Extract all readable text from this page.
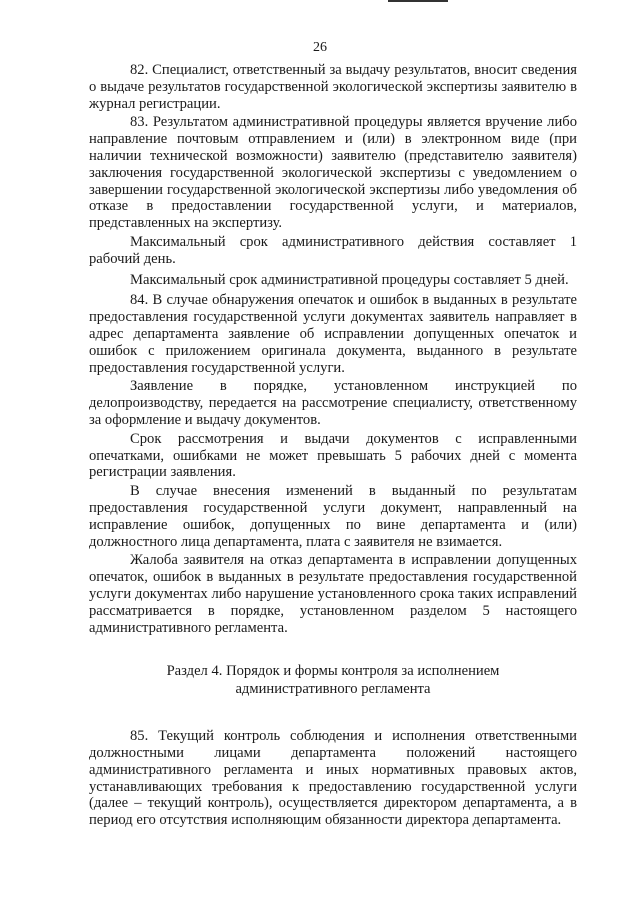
26

82. Специалист, ответственный за выдачу результатов, вносит сведения о выдаче результатов государственной экологической экспертизы заявителю в журнал регистрации.

83. Результатом административной процедуры является вручение либо направление почтовым отправлением и (или) в электронном виде (при наличии технической возможности) заявителю (представителю заявителя) заключения государственной экологической экспертизы с уведомлением о завершении государственной экологической экспертизы либо уведомления об отказе в предоставлении государственной услуги, и материалов, представленных на экспертизу.

Максимальный срок административного действия составляет 1 рабочий день.

Максимальный срок административной процедуры составляет 5 дней.

84. В случае обнаружения опечаток и ошибок в выданных в результате предоставления государственной услуги документах заявитель направляет в адрес департамента заявление об исправлении допущенных опечаток и ошибок с приложением оригинала документа, выданного в результате предоставления государственной услуги.

Заявление в порядке, установленном инструкцией по делопроизводству, передается на рассмотрение специалисту, ответственному за оформление и выдачу документов.

Срок рассмотрения и выдачи документов с исправленными опечатками, ошибками не может превышать 5 рабочих дней с момента регистрации заявления.

В случае внесения изменений в выданный по результатам предоставления государственной услуги документ, направленный на исправление ошибок, допущенных по вине департамента и (или) должностного лица департамента, плата с заявителя не взимается.

Жалоба заявителя на отказ департамента в исправлении допущенных опечаток, ошибок в выданных в результате предоставления государственной услуги документах либо нарушение установленного срока таких исправлений рассматривается в порядке, установленном разделом 5 настоящего административного регламента.

Раздел 4. Порядок и формы контроля за исполнением
административного регламента

85. Текущий контроль соблюдения и исполнения ответственными должностными лицами департамента положений настоящего административного регламента и иных нормативных правовых актов, устанавливающих требования к предоставлению государственной услуги (далее – текущий контроль), осуществляется директором департамента, а в период его отсутствия исполняющим обязанности директора департамента.
